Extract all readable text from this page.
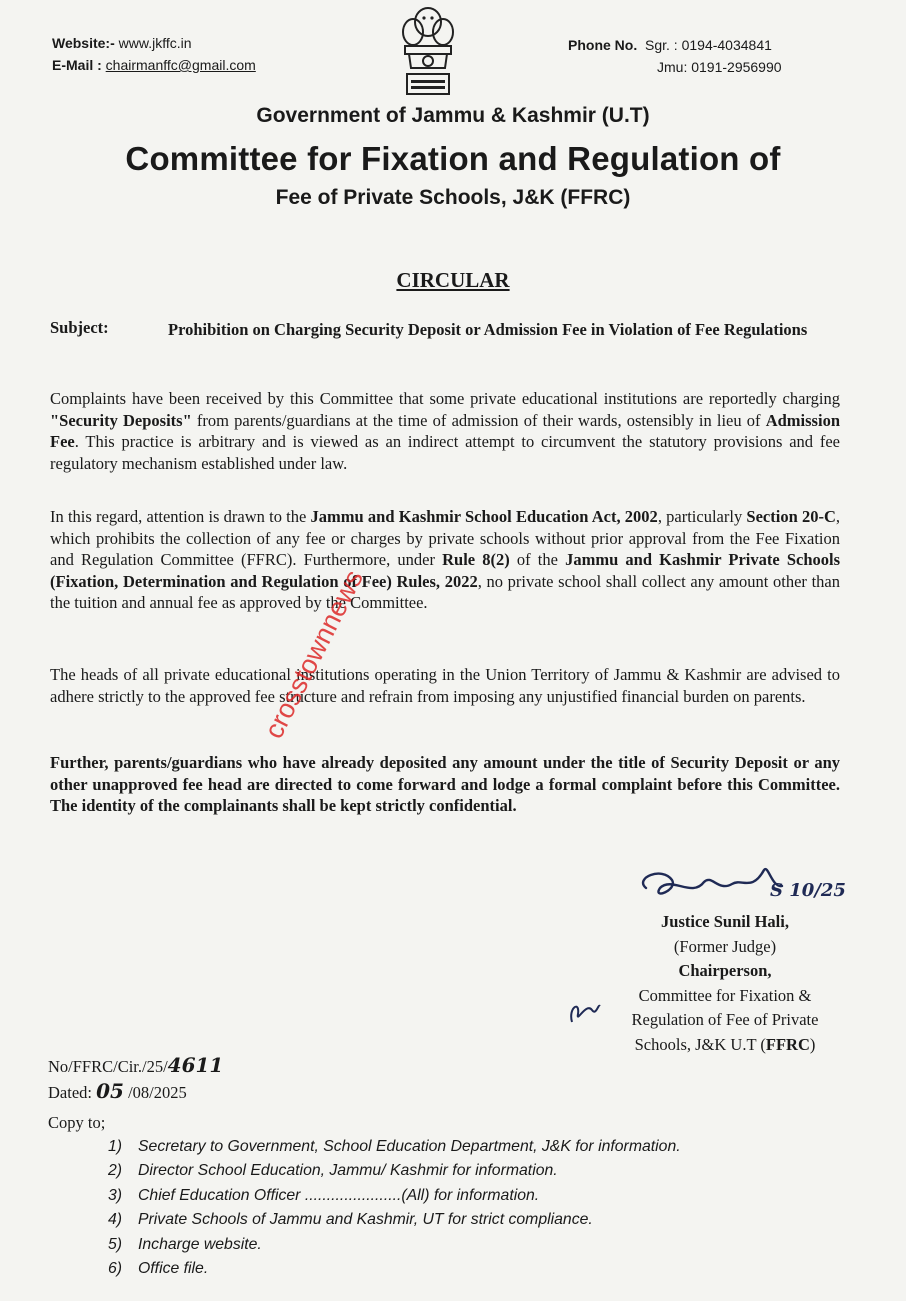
Website:- www.jkffc.in
E-Mail : chairmanffc@gmail.com
Phone No. Sgr. : 0194-4034841
Jmu: 0191-2956990
Government of Jammu & Kashmir (U.T)
Committee for Fixation and Regulation of
Fee of Private Schools, J&K (FFRC)
CIRCULAR
Subject:	Prohibition on Charging Security Deposit or Admission Fee in Violation of Fee Regulations
Complaints have been received by this Committee that some private educational institutions are reportedly charging "Security Deposits" from parents/guardians at the time of admission of their wards, ostensibly in lieu of Admission Fee. This practice is arbitrary and is viewed as an indirect attempt to circumvent the statutory provisions and fee regulatory mechanism established under law.
In this regard, attention is drawn to the Jammu and Kashmir School Education Act, 2002, particularly Section 20-C, which prohibits the collection of any fee or charges by private schools without prior approval from the Fee Fixation and Regulation Committee (FFRC). Furthermore, under Rule 8(2) of the Jammu and Kashmir Private Schools (Fixation, Determination and Regulation of Fee) Rules, 2022, no private school shall collect any amount other than the tuition and annual fee as approved by the Committee.
The heads of all private educational institutions operating in the Union Territory of Jammu & Kashmir are advised to adhere strictly to the approved fee structure and refrain from imposing any unjustified financial burden on parents.
Further, parents/guardians who have already deposited any amount under the title of Security Deposit or any other unapproved fee head are directed to come forward and lodge a formal complaint before this Committee. The identity of the complainants shall be kept strictly confidential.
S 10/25
Justice Sunil Hali,
(Former Judge)
Chairperson,
Committee for Fixation &
Regulation of Fee of Private
Schools, J&K U.T (FFRC)
No/FFRC/Cir./25/4611
Dated: 05 /08/2025
Copy to;
1) Secretary to Government, School Education Department, J&K for information.
2) Director School Education, Jammu/ Kashmir for information.
3) Chief Education Officer ......................(All) for information.
4) Private Schools of Jammu and Kashmir, UT for strict compliance.
5) Incharge website.
6) Office file.
crosstownnews
